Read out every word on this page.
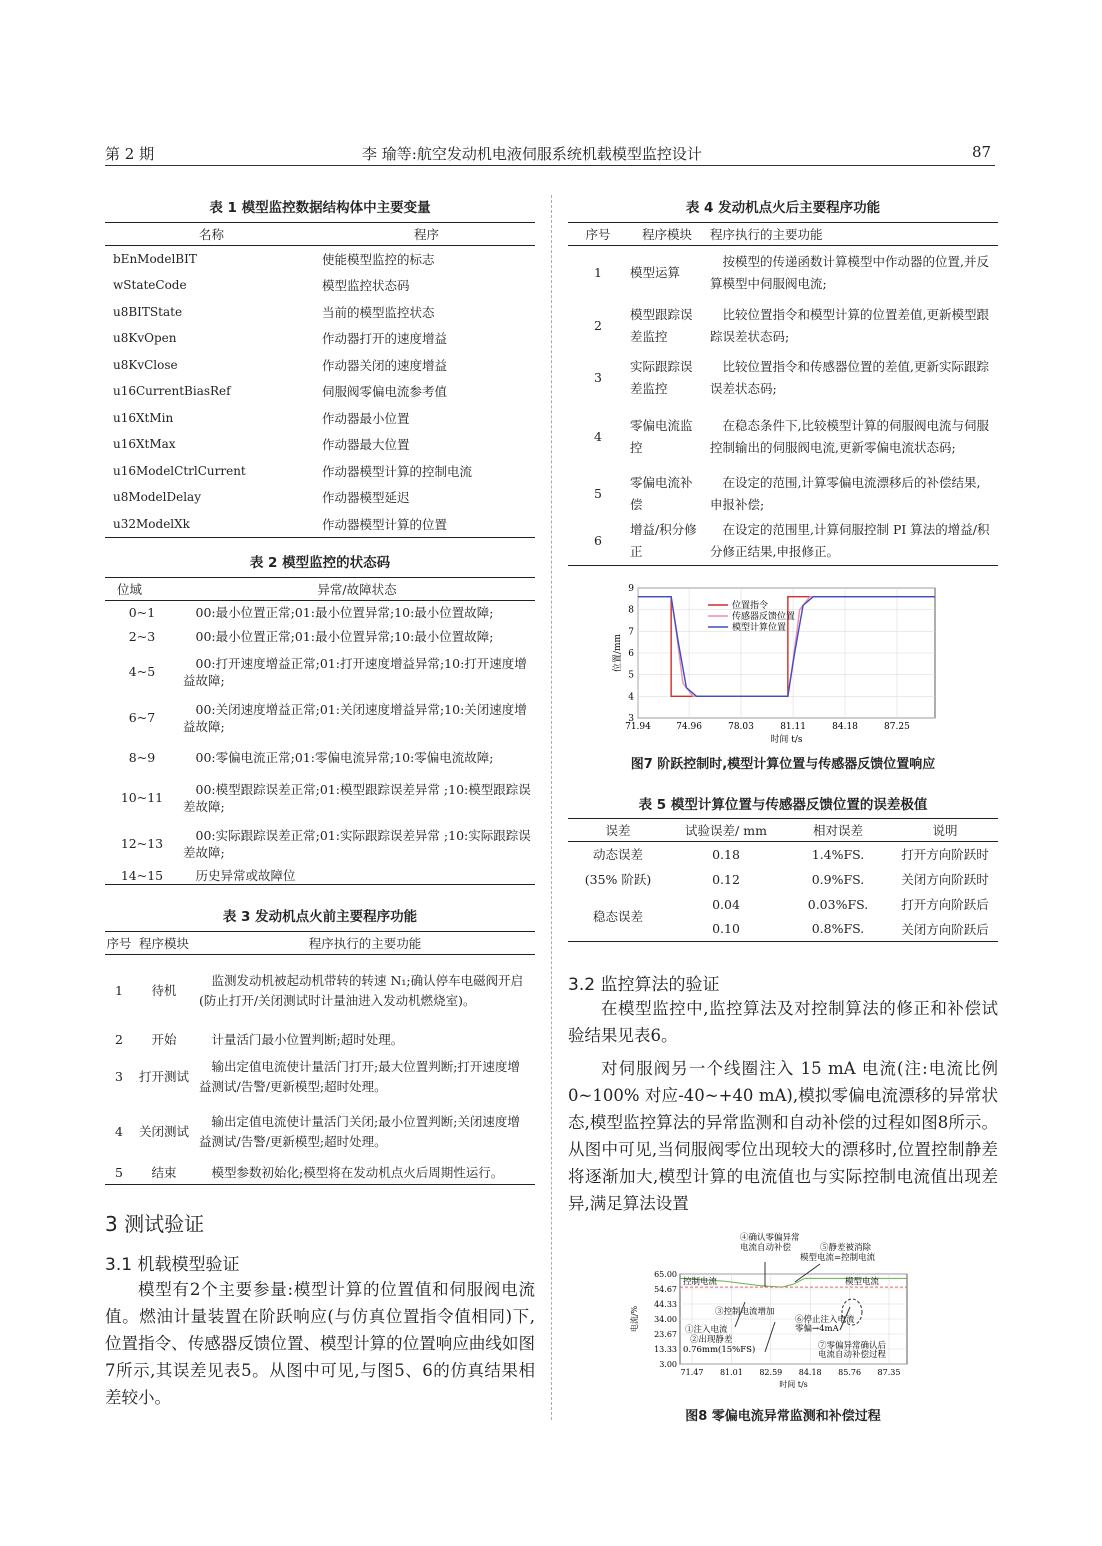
第 2 期	李 瑜等:航空发动机电液伺服系统机载模型监控设计	87
表 1 模型监控数据结构体中主要变量
名称	程序
bEnModelBIT	使能模型监控的标志
wStateCode	模型监控状态码
u8BITState	当前的模型监控状态
u8KvOpen	作动器打开的速度增益
u8KvClose	作动器关闭的速度增益
u16CurrentBiasRef	伺服阀零偏电流参考值
u16XtMin	作动器最小位置
u16XtMax	作动器最大位置
u16ModelCtrlCurrent	作动器模型计算的控制电流
u8ModelDelay	作动器模型延迟
u32ModelXk	作动器模型计算的位置
表 2 模型监控的状态码
位域	异常/故障状态
0~1	00:最小位置正常;01:最小位置异常;10:最小位置故障;
2~3	00:最小位置正常;01:最小位置异常;10:最小位置故障;
4~5	00:打开速度增益正常;01:打开速度增益异常;10:打开速度增益故障;
6~7	00:关闭速度增益正常;01:关闭速度增益异常;10:关闭速度增益故障;
8~9	00:零偏电流正常;01:零偏电流异常;10:零偏电流故障;
10~11	00:模型跟踪误差正常;01:模型跟踪误差异常 ;10:模型跟踪误差故障;
12~13	00:实际跟踪误差正常;01:实际跟踪误差异常 ;10:实际跟踪误差故障;
14~15	历史异常或故障位
表 3 发动机点火前主要程序功能
序号	程序模块	程序执行的主要功能
1	待机	监测发动机被起动机带转的转速 N₁;确认停车电磁阀开启(防止打开/关闭测试时计量油进入发动机燃烧室)。
2	开始	计量活门最小位置判断;超时处理。
3	打开测试	输出定值电流使计量活门打开;最大位置判断;打开速度增益测试/告警/更新模型;超时处理。
4	关闭测试	输出定值电流使计量活门关闭;最小位置判断;关闭速度增益测试/告警/更新模型;超时处理。
5	结束	模型参数初始化;模型将在发动机点火后周期性运行。
3 测试验证
3.1 机载模型验证
模型有2个主要参量:模型计算的位置值和伺服阀电流值。燃油计量装置在阶跃响应(与仿真位置指令值相同)下,位置指令、传感器反馈位置、模型计算的位置响应曲线如图7所示,其误差见表5。从图中可见,与图5、6的仿真结果相差较小。
表 4 发动机点火后主要程序功能
序号	程序模块	程序执行的主要功能
1	模型运算	按模型的传递函数计算模型中作动器的位置,并反算模型中伺服阀电流;
2	模型跟踪误差监控	比较位置指令和模型计算的位置差值,更新模型跟踪误差状态码;
3	实际跟踪误差监控	比较位置指令和传感器位置的差值,更新实际跟踪误差状态码;
4	零偏电流监控	在稳态条件下,比较模型计算的伺服阀电流与伺服控制输出的伺服阀电流,更新零偏电流状态码;
5	零偏电流补偿	在设定的范围,计算零偏电流漂移后的补偿结果,申报补偿;
6	增益/积分修正	在设定的范围里,计算伺服控制 PI 算法的增益/积分修正结果,申报修正。
3
4
5
6
7
8
9
71.94	74.96	78.03	81.11	84.18	87.25
时间 t/s
位置/mm
位置指令
传感器反馈位置
模型计算位置
图7 阶跃控制时,模型计算位置与传感器反馈位置响应
表 5 模型计算位置与传感器反馈位置的误差极值
误差	试验误差/ mm	相对误差	说明
动态误差	0.18	1.4%FS.	打开方向阶跃时
(35% 阶跃)	0.12	0.9%FS.	关闭方向阶跃时
稳态误差	0.04	0.03%FS.	打开方向阶跃后
	0.10	0.8%FS.	关闭方向阶跃后
3.2 监控算法的验证
在模型监控中,监控算法及对控制算法的修正和补偿试验结果见表6。
对伺服阀另一个线圈注入 15 mA 电流(注:电流比例 0~100% 对应-40~+40 mA),模拟零偏电流漂移的异常状态,模型监控算法的异常监测和自动补偿的过程如图8所示。从图中可见,当伺服阀零位出现较大的漂移时,位置控制静差将逐渐加大,模型计算的电流值也与实际控制电流值出现差异,满足算法设置
3.00
13.33
23.67
34.00
44.33
54.67
65.00
71.47 81.01 82.59 84.18 85.76 87.35
时间 t/s
电流/%
④确认零偏异常
电流自动补偿	⑤静差被消除
模型电流=控制电流
控制电流	模型电流
③控制电流增加
⑥停止注入电流
零偏→4mA
①注入电流
②出现静差
0.76mm(15%FS)	⑦零偏异常确认后
电流自动补偿过程
图8 零偏电流异常监测和补偿过程
